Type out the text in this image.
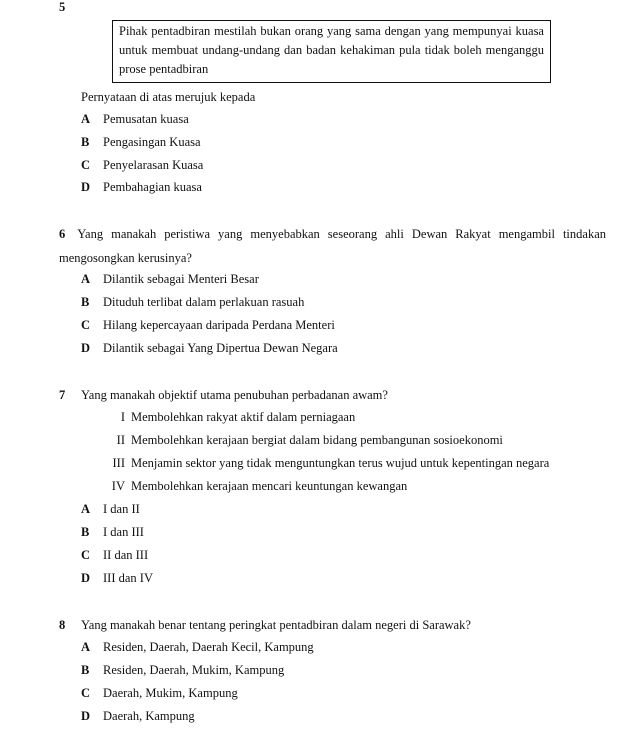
5
Pihak pentadbiran mestilah bukan orang yang sama dengan yang mempunyai kuasa untuk membuat undang-undang dan badan kehakiman pula tidak boleh menganggu prose pentadbiran
Pernyataan di atas merujuk kepada
A Pemusatan kuasa
B Pengasingan Kuasa
C Penyelarasan Kuasa
D Pembahagian kuasa
6 Yang manakah peristiwa yang menyebabkan seseorang ahli Dewan Rakyat mengambil tindakan mengosongkan kerusinya?
A Dilantik sebagai Menteri Besar
B Dituduh terlibat dalam perlakuan rasuah
C Hilang kepercayaan daripada Perdana Menteri
D Dilantik sebagai Yang Dipertua Dewan Negara
7 Yang manakah objektif utama penubuhan perbadanan awam?
I Membolehkan rakyat aktif dalam perniagaan
II Membolehkan kerajaan bergiat dalam bidang pembangunan sosioekonomi
III Menjamin sektor yang tidak menguntungkan terus wujud untuk kepentingan negara
IV Membolehkan kerajaan mencari keuntungan kewangan
A I dan II
B I dan III
C II dan III
D III dan IV
8 Yang manakah benar tentang peringkat pentadbiran dalam negeri di Sarawak?
A Residen, Daerah, Daerah Kecil, Kampung
B Residen, Daerah, Mukim, Kampung
C Daerah, Mukim, Kampung
D Daerah, Kampung
